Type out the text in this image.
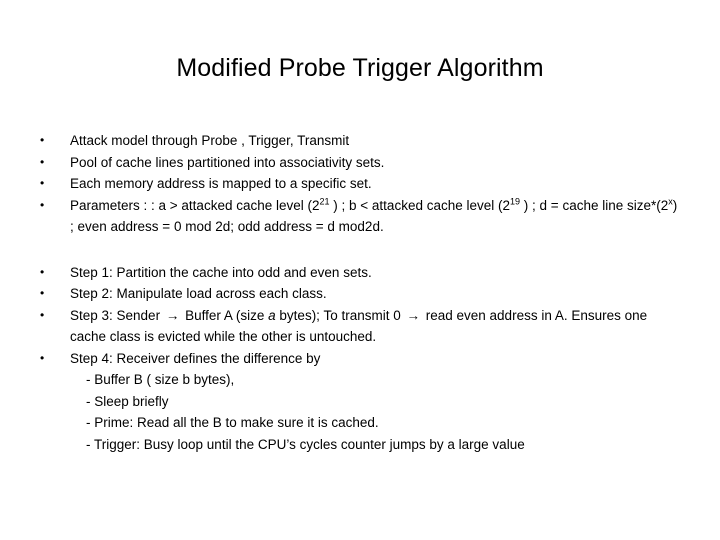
Modified Probe Trigger Algorithm
•	Attack model through Probe , Trigger, Transmit
•	Pool of cache lines partitioned into associativity sets.
•	Each memory address is mapped to a specific set.
•	Parameters : : a > attacked cache level ($2^{21}$ ) ; b < attacked cache level ($2^{19}$ ) ; d = cache line size*(2$^x$) ; even address = 0 mod 2d; odd address = d mod2d.
•	Step 1: Partition the cache into odd and even sets.
•	Step 2: Manipulate load across each class.
•	Step 3: Sender → Buffer A (size a bytes); To transmit 0 → read even address in A. Ensures one cache class is evicted while the other is untouched.
•	Step 4: Receiver defines the difference by
- Buffer B ( size b bytes),
- Sleep briefly
- Prime: Read all the B to make sure it is cached.
- Trigger: Busy loop until the CPU’s cycles counter jumps by a large value
